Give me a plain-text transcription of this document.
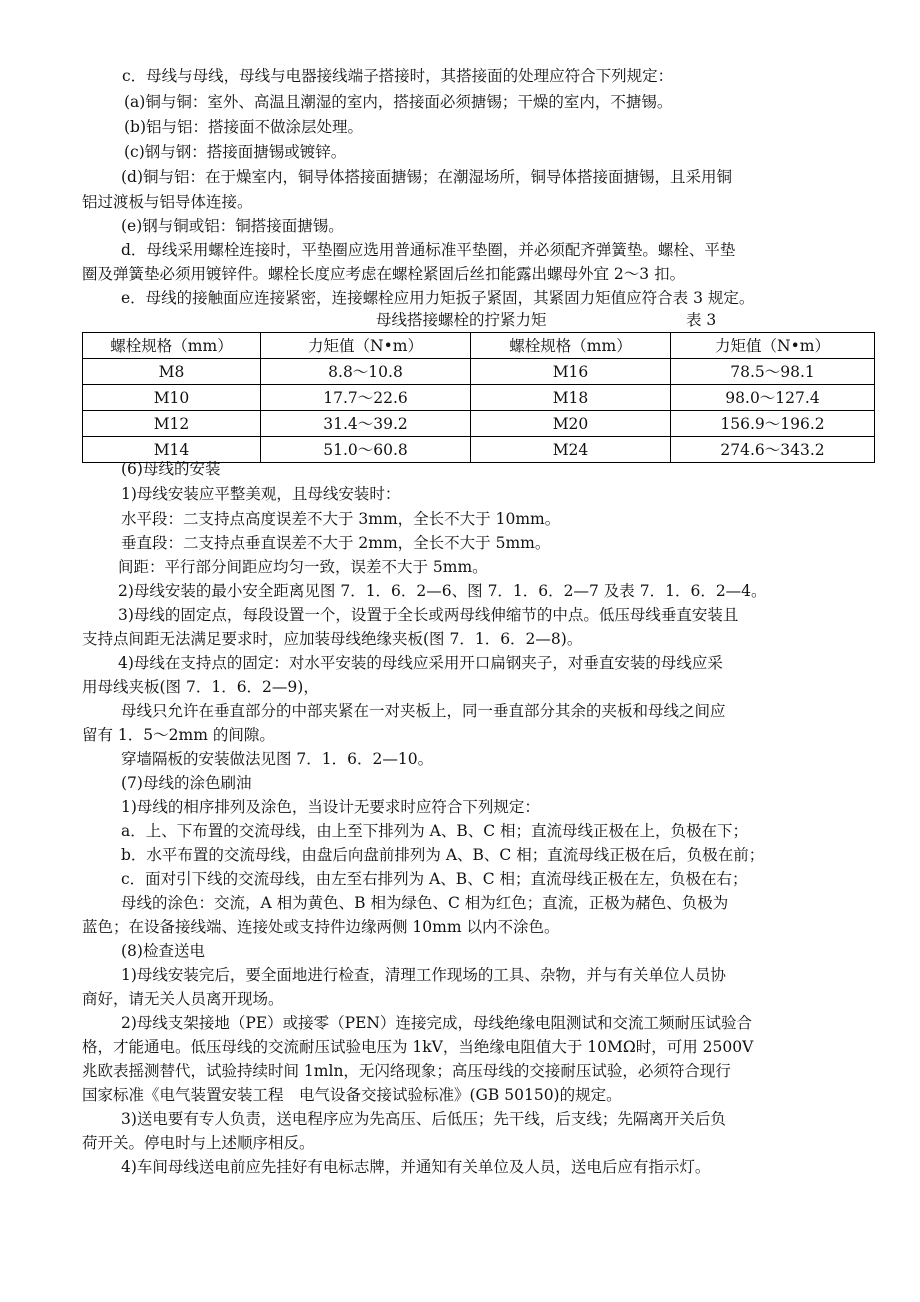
c．母线与母线，母线与电器接线端子搭接时，其搭接面的处理应符合下列规定：
(a)铜与铜：室外、高温且潮湿的室内，搭接面必须搪锡；干燥的室内，不搪锡。
(b)铝与铝：搭接面不做涂层处理。
(c)钢与钢：搭接面搪锡或镀锌。
(d)铜与铝：在于燥室内，铜导体搭接面搪锡；在潮湿场所，铜导体搭接面搪锡，且采用铜
铝过渡板与铝导体连接。
(e)钢与铜或铝：铜搭接面搪锡。
d．母线采用螺栓连接时，平垫圈应选用普通标准平垫圈，并必须配齐弹簧垫。螺栓、平垫
圈及弹簧垫必须用镀锌件。螺栓长度应考虑在螺栓紧固后丝扣能露出螺母外宜 2～3 扣。
e．母线的接触面应连接紧密，连接螺栓应用力矩扳子紧固，其紧固力矩值应符合表 3 规定。
母线搭接螺栓的拧紧力矩	表 3
螺栓规格（mm）	力矩值（N•m）	螺栓规格（mm）	力矩值（N•m）
M8	8.8～10.8	M16	78.5～98.1
M10	17.7～22.6	M18	98.0～127.4
M12	31.4～39.2	M20	156.9～196.2
M14	51.0～60.8	M24	274.6～343.2
(6)母线的安装
1)母线安装应平整美观，且母线安装时：
水平段：二支持点高度误差不大于 3mm，全长不大于 10mm。
垂直段：二支持点垂直误差不大于 2mm，全长不大于 5mm。
间距：平行部分间距应均匀一致，误差不大于 5mm。
2)母线安装的最小安全距离见图 7．1．6．2—6、图 7．1．6．2—7 及表 7．1．6．2—4。
3)母线的固定点，每段设置一个，设置于全长或两母线伸缩节的中点。低压母线垂直安装且
支持点间距无法满足要求时，应加装母线绝缘夹板(图 7．1．6．2—8)。
4)母线在支持点的固定：对水平安装的母线应采用开口扁钢夹子，对垂直安装的母线应采
用母线夹板(图 7．1．6．2—9)，
母线只允许在垂直部分的中部夹紧在一对夹板上，同一垂直部分其余的夹板和母线之间应
留有 1．5～2mm 的间隙。
穿墙隔板的安装做法见图 7．1．6．2—10。
(7)母线的涂色刷油
1)母线的相序排列及涂色，当设计无要求时应符合下列规定：
a．上、下布置的交流母线，由上至下排列为 A、B、C 相；直流母线正极在上，负极在下；
b．水平布置的交流母线，由盘后向盘前排列为 A、B、C 相；直流母线正极在后，负极在前；
c．面对引下线的交流母线，由左至右排列为 A、B、C 相；直流母线正极在左，负极在右；
母线的涂色：交流，A 相为黄色、B 相为绿色、C 相为红色；直流，正极为赭色、负极为
蓝色；在设备接线端、连接处或支持件边缘两侧 10mm 以内不涂色。
(8)检查送电
1)母线安装完后，要全面地进行检查，清理工作现场的工具、杂物，并与有关单位人员协
商好，请无关人员离开现场。
2)母线支架接地（PE）或接零（PEN）连接完成，母线绝缘电阻测试和交流工频耐压试验合
格，才能通电。低压母线的交流耐压试验电压为 1kV，当绝缘电阻值大于 10MΩ时，可用 2500V
兆欧表摇测替代，试验持续时间 1mln，无闪络现象；高压母线的交接耐压试验，必须符合现行
国家标准《电气装置安装工程　电气设备交接试验标准》(GB 50150)的规定。
3)送电要有专人负责，送电程序应为先高压、后低压；先干线，后支线；先隔离开关后负
荷开关。停电时与上述顺序相反。
4)车间母线送电前应先挂好有电标志牌，并通知有关单位及人员，送电后应有指示灯。
